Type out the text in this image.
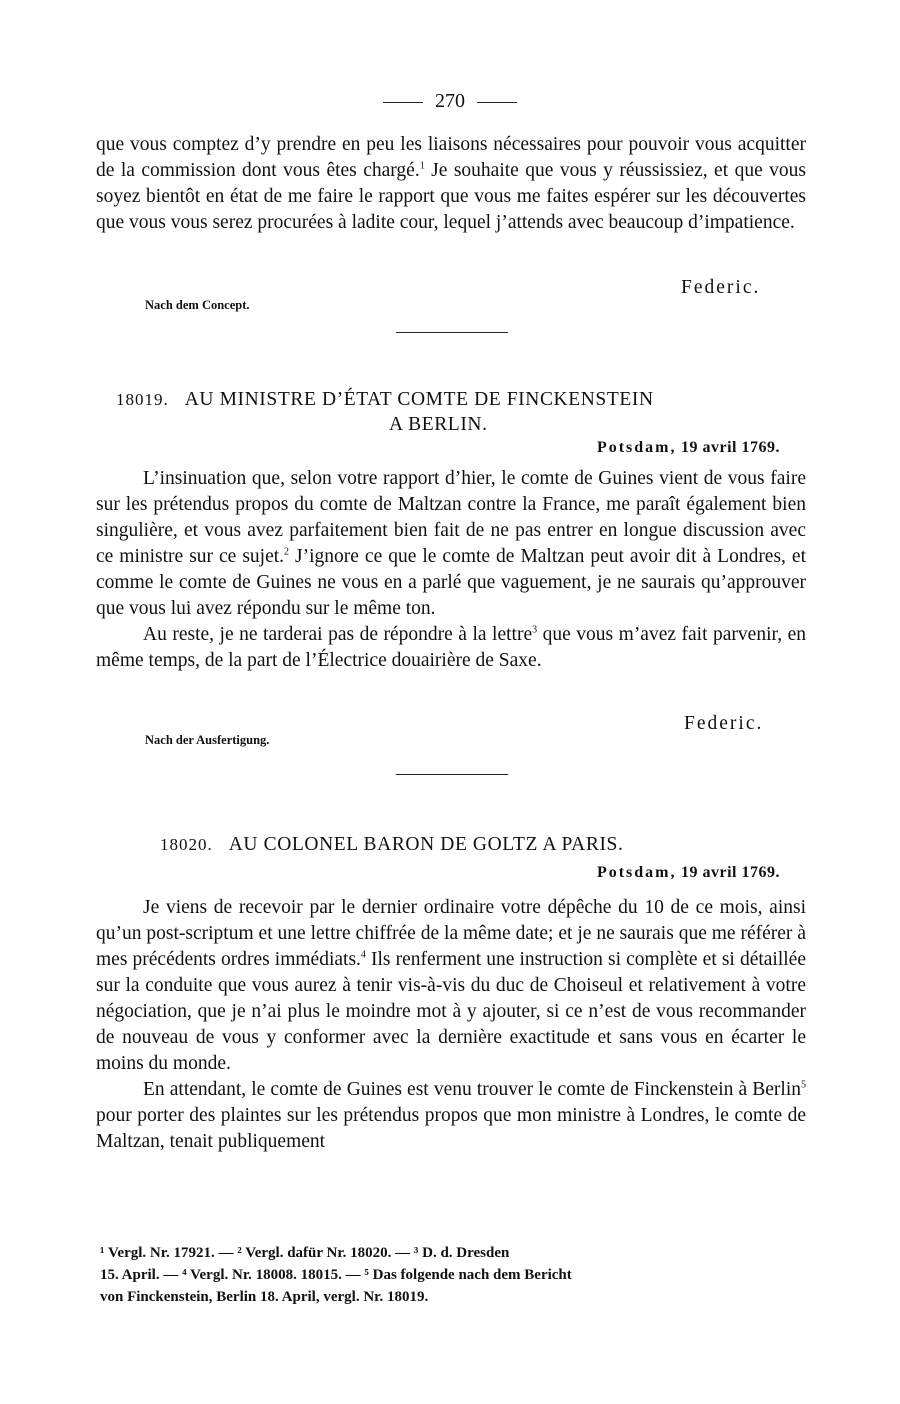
270

que vous comptez d’y prendre en peu les liaisons nécessaires pour pouvoir vous acquitter de la commission dont vous êtes chargé.$^1$ Je souhaite que vous y réussissiez, et que vous soyez bientôt en état de me faire le rapport que vous me faites espérer sur les découvertes que vous vous serez procurées à ladite cour, lequel j’attends avec beaucoup d’impatience.

Federic.
Nach dem Concept.
18019. AU MINISTRE D’ÉTAT COMTE DE FINCKENSTEIN
A BERLIN.
Potsdam, 19 avril 1769.

L’insinuation que, selon votre rapport d’hier, le comte de Guines vient de vous faire sur les prétendus propos du comte de Maltzan contre la France, me paraît également bien singulière, et vous avez parfaitement bien fait de ne pas entrer en longue discussion avec ce ministre sur ce sujet.$^2$ J’ignore ce que le comte de Maltzan peut avoir dit à Londres, et comme le comte de Guines ne vous en a parlé que vaguement, je ne saurais qu’approuver que vous lui avez répondu sur le même ton.

Au reste, je ne tarderai pas de répondre à la lettre$^3$ que vous m’avez fait parvenir, en même temps, de la part de l’Électrice douairière de Saxe.

Federic.
Nach der Ausfertigung.
18020. AU COLONEL BARON DE GOLTZ A PARIS.
Potsdam, 19 avril 1769.

Je viens de recevoir par le dernier ordinaire votre dépêche du 10 de ce mois, ainsi qu’un post-scriptum et une lettre chiffrée de la même date; et je ne saurais que me référer à mes précédents ordres immédiats.$^4$ Ils renferment une instruction si complète et si détaillée sur la conduite que vous aurez à tenir vis-à-vis du duc de Choiseul et relativement à votre négociation, que je n’ai plus le moindre mot à y ajouter, si ce n’est de vous recommander de nouveau de vous y conformer avec la dernière exactitude et sans vous en écarter le moins du monde.

En attendant, le comte de Guines est venu trouver le comte de Finckenstein à Berlin$^5$ pour porter des plaintes sur les prétendus propos que mon ministre à Londres, le comte de Maltzan, tenait publiquement

¹ Vergl. Nr. 17921. — ² Vergl. dafür Nr. 18020. — ³ D. d. Dresden

15. April. — ⁴ Vergl. Nr. 18008. 18015. — ⁵ Das folgende nach dem Bericht

von Finckenstein, Berlin 18. April, vergl. Nr. 18019.
